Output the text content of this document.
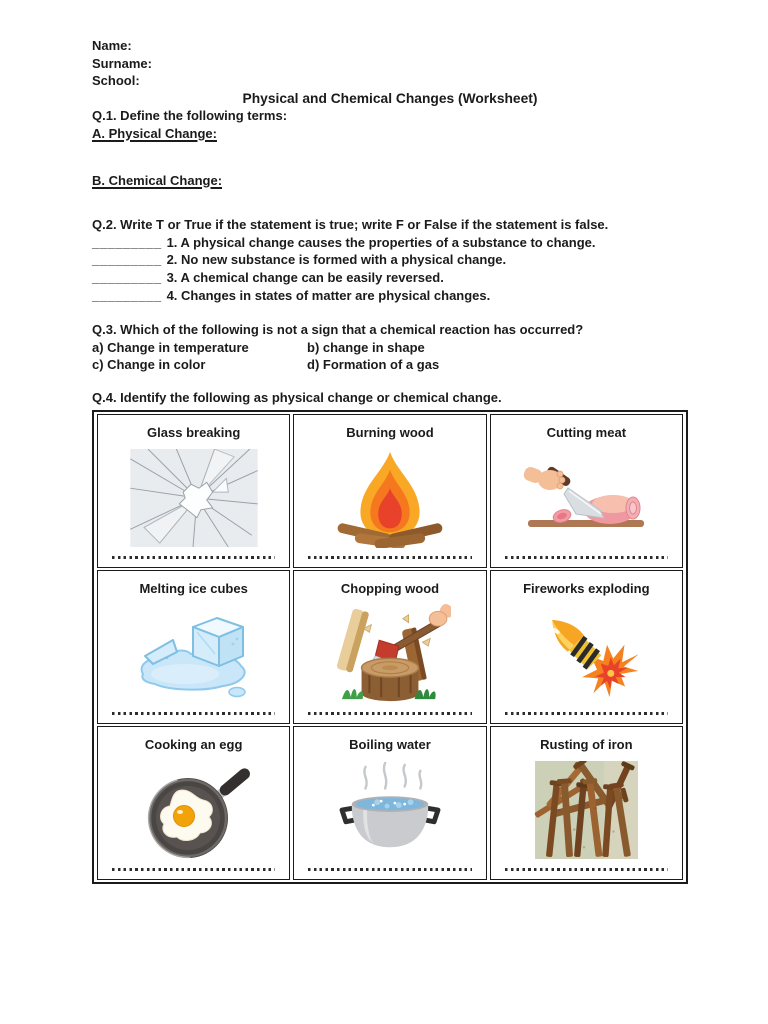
Name:
Surname:
School:
Physical and Chemical Changes (Worksheet)
Q.1. Define the following terms:
A. Physical Change:
B. Chemical Change:
Q.2. Write T or True if the statement is true; write F or False if the statement is false.
_________ 1. A physical change causes the properties of a substance to change.
_________ 2. No new substance is formed with a physical change.
_________ 3. A chemical change can be easily reversed.
_________ 4. Changes in states of matter are physical changes.
Q.3. Which of the following is not a sign that a chemical reaction has occurred?
a) Change in temperature	b) change in shape
c) Change in color	d) Formation of a gas
Q.4. Identify the following as physical change or chemical change.
Glass breaking	Burning wood	Cutting meat

Melting ice cubes	Chopping wood	Fireworks exploding

Cooking an egg	Boiling water	Rusting of iron
